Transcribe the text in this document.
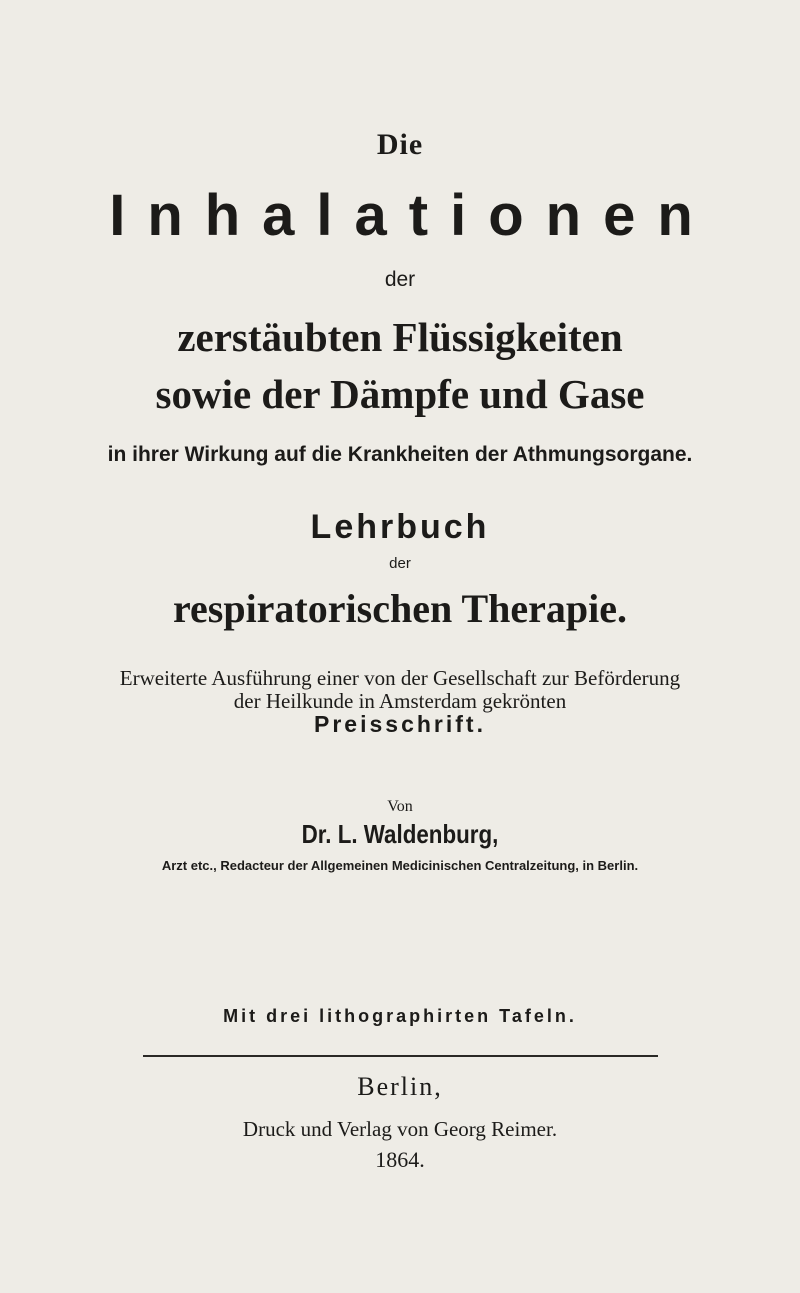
Die
Inhalationen
der
zerstäubten Flüssigkeiten
sowie der Dämpfe und Gase
in ihrer Wirkung auf die Krankheiten der Athmungsorgane.
Lehrbuch
der
respiratorischen Therapie.
Erweiterte Ausführung einer von der Gesellschaft zur Beförderung
der Heilkunde in Amsterdam gekrönten
Preisschrift.
Von
Dr. L. Waldenburg,
Arzt etc., Redacteur der Allgemeinen Medicinischen Centralzeitung, in Berlin.
Mit drei lithographirten Tafeln.
Berlin,
Druck und Verlag von Georg Reimer.
1864.
